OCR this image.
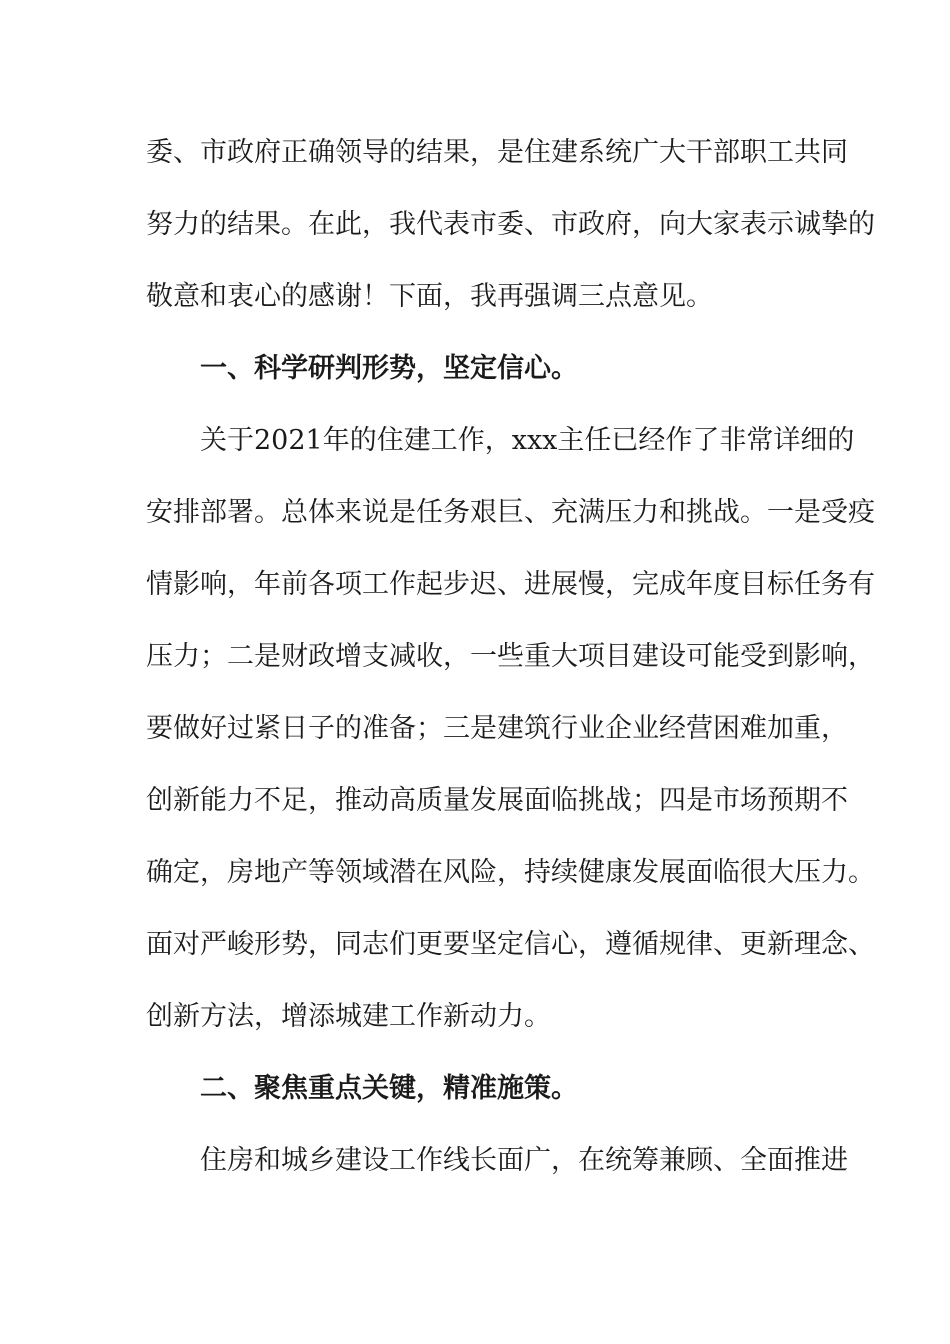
委、市政府正确领导的结果，是住建系统广大干部职工共同
努力的结果。在此，我代表市委、市政府，向大家表示诚挚的
敬意和衷心的感谢！下面，我再强调三点意见。
一、科学研判形势，坚定信心。
关于2021年的住建工作，xxx主任已经作了非常详细的
安排部署。总体来说是任务艰巨、充满压力和挑战。一是受疫
情影响，年前各项工作起步迟、进展慢，完成年度目标任务有
压力；二是财政增支减收，一些重大项目建设可能受到影响，
要做好过紧日子的准备；三是建筑行业企业经营困难加重，
创新能力不足，推动高质量发展面临挑战；四是市场预期不
确定，房地产等领域潜在风险，持续健康发展面临很大压力。
面对严峻形势，同志们更要坚定信心，遵循规律、更新理念、
创新方法，增添城建工作新动力。
二、聚焦重点关键，精准施策。
住房和城乡建设工作线长面广，在统筹兼顾、全面推进
